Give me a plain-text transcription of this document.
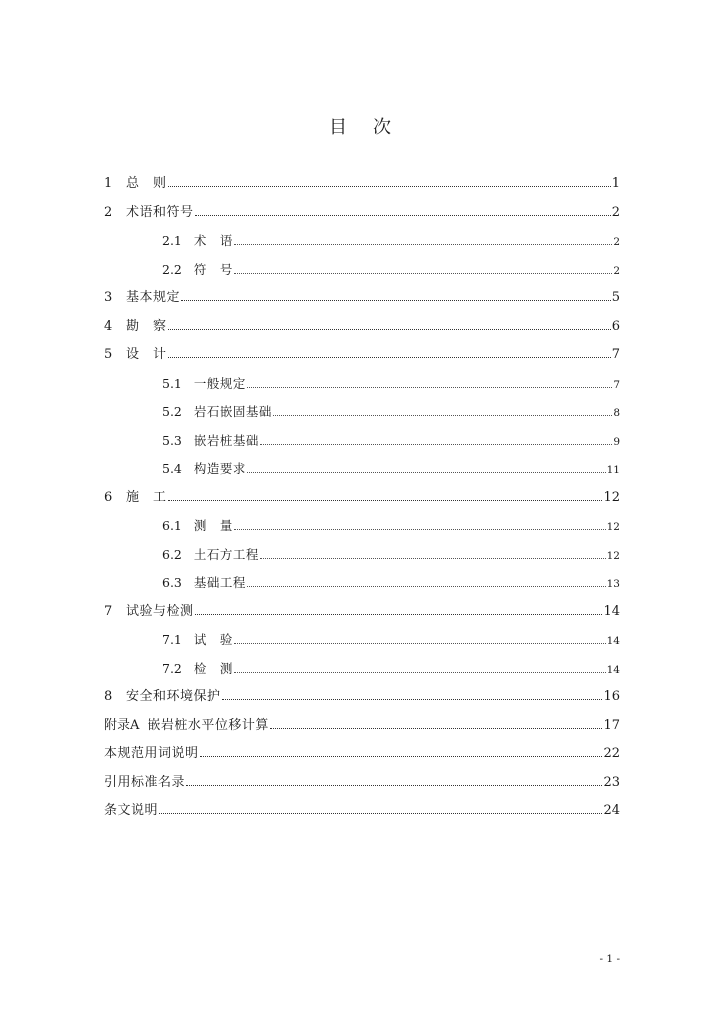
目　次
1	总　则	1
2	术语和符号	2
2.1 术　语	2
2.2 符　号	2
3	基本规定	5
4	勘　察	6
5	设　计	7
5.1 一般规定	7
5.2 岩石嵌固基础	8
5.3 嵌岩桩基础	9
5.4 构造要求	11
6	施　工	12
6.1 测　量	12
6.2 土石方工程	12
6.3 基础工程	13
7	试验与检测	14
7.1 试　验	14
7.2 检　测	14
8	安全和环境保护	16
附录A 嵌岩桩水平位移计算	17
本规范用词说明	22
引用标准名录	23
条文说明	24
- 1 -
